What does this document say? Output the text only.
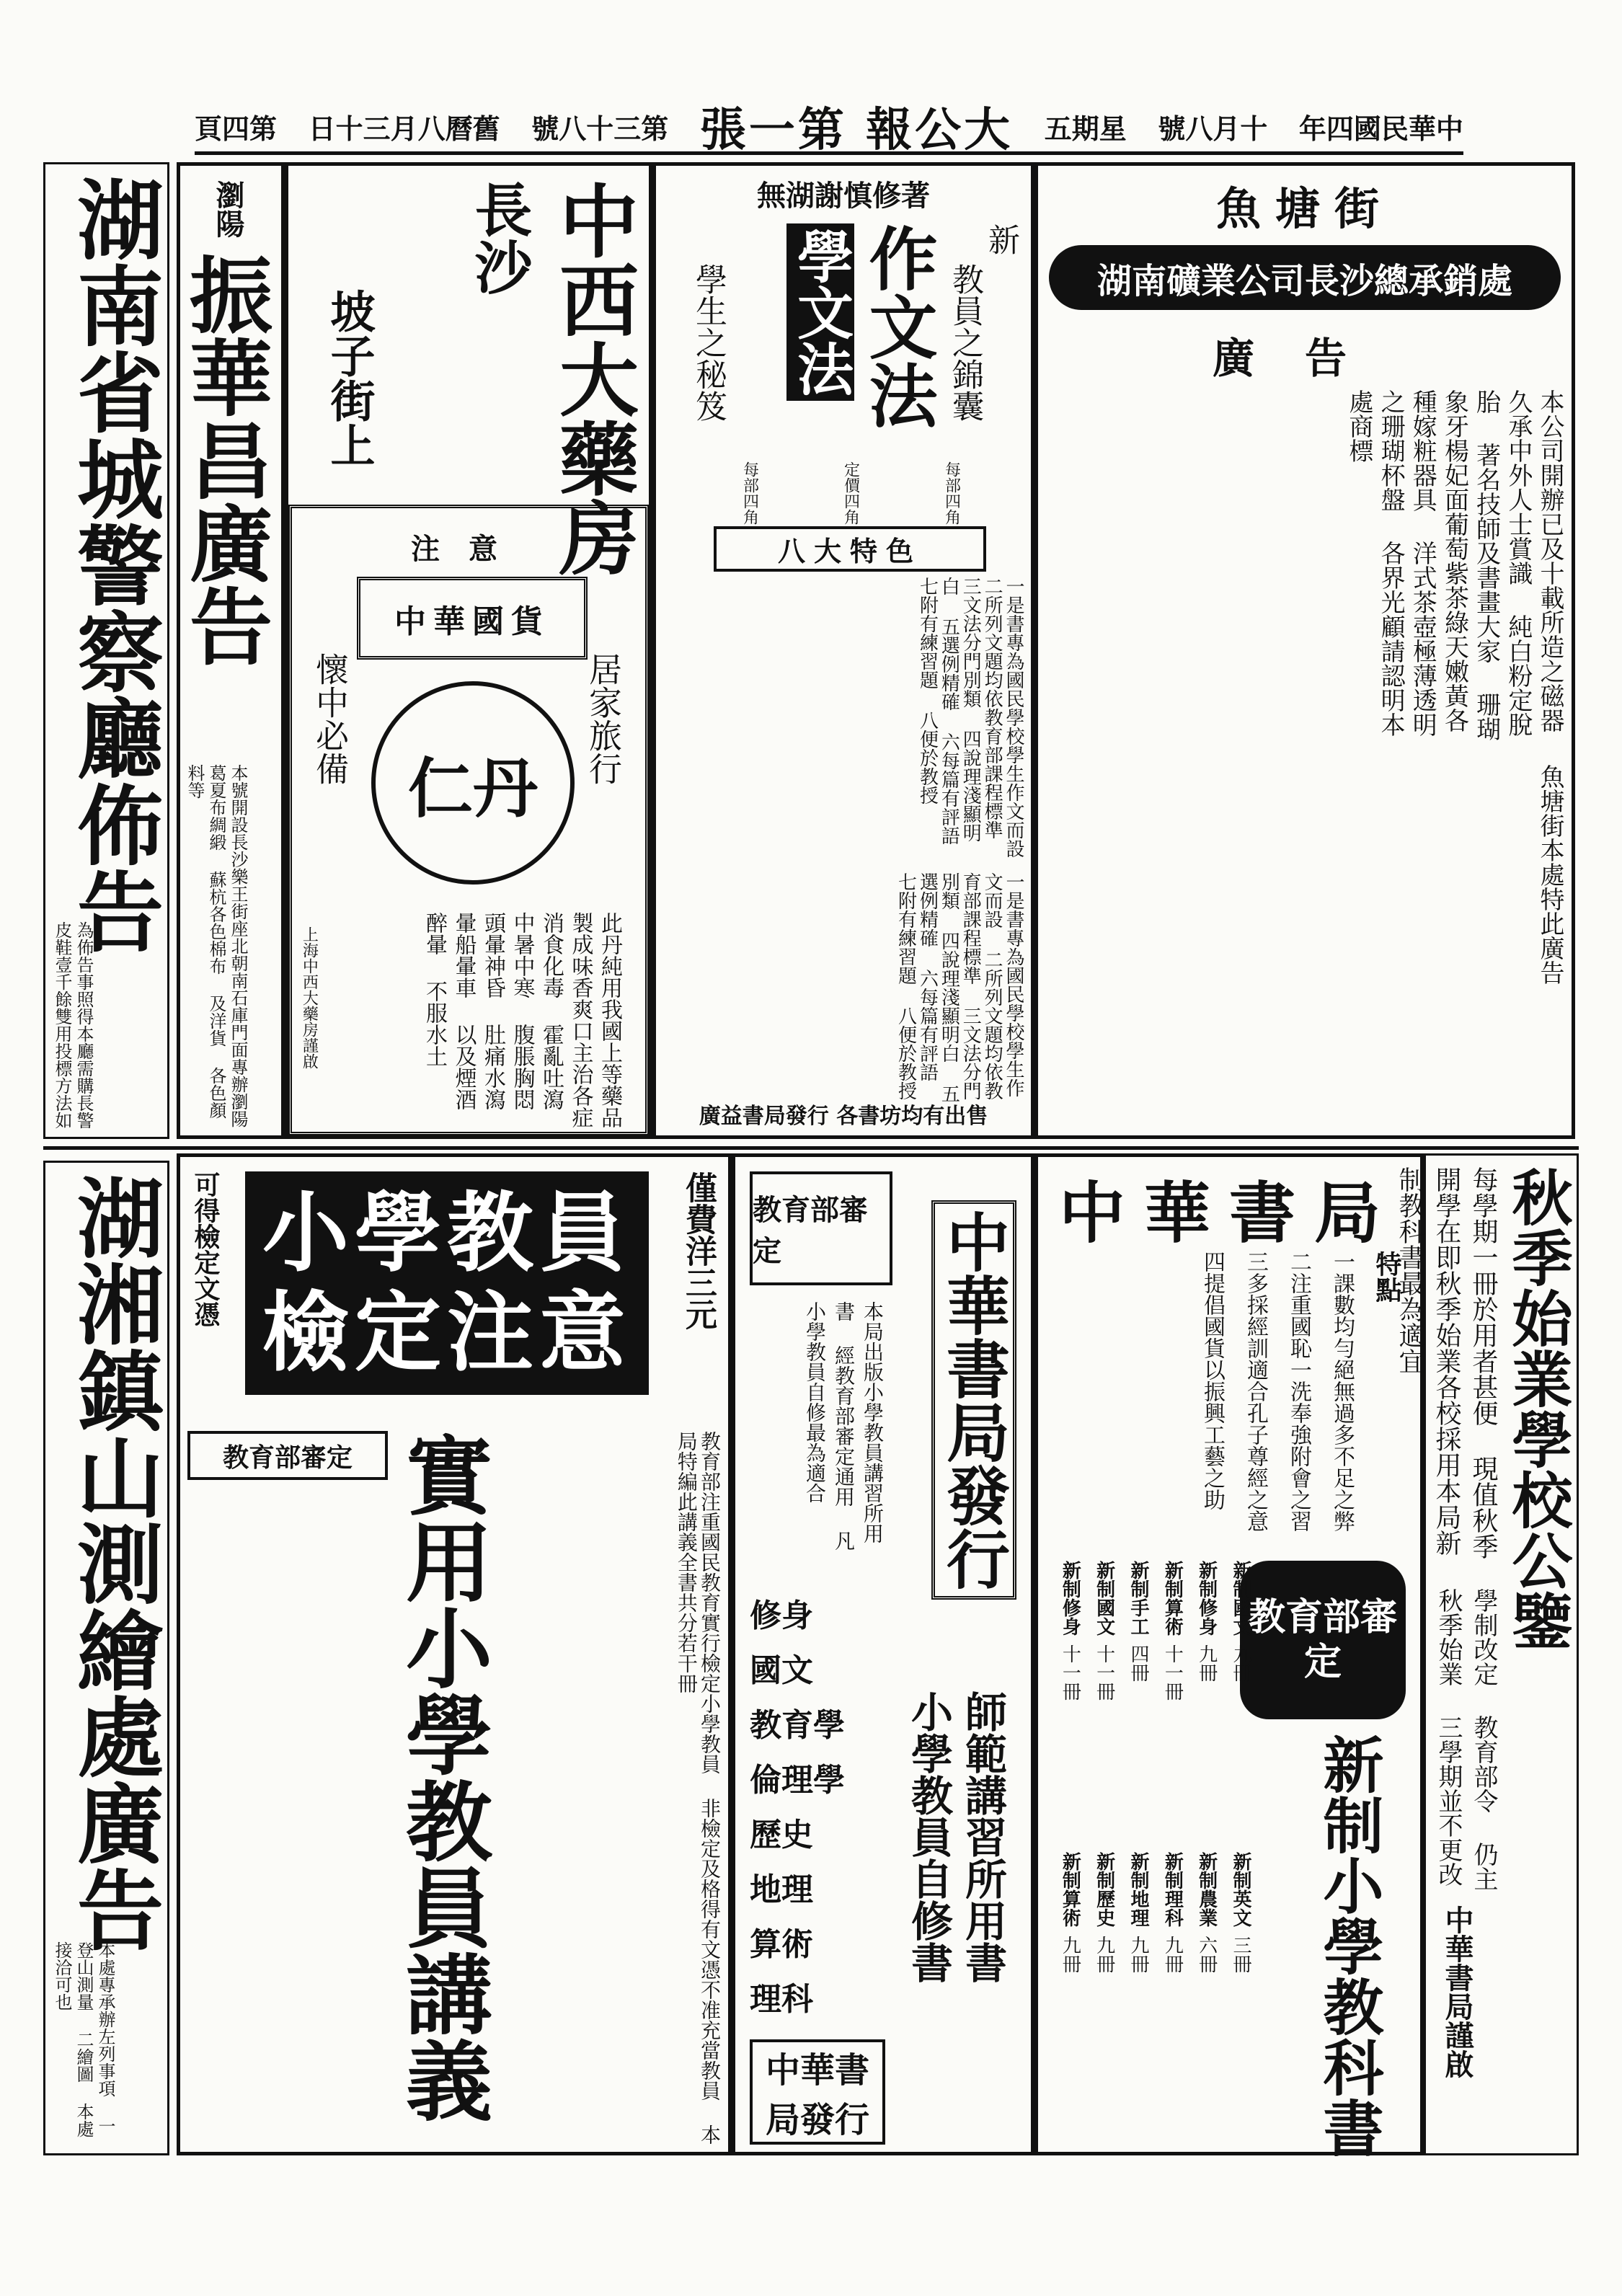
頁四第 日十三月八曆舊 號八十三第 張一第 報公大 五期星 號八月十 年四國民華中
湖南省城警察廳佈告
為佈告事照得本廳需購長警皮鞋壹千餘雙用投標方法如
湖湘鎮山測繪處廣告
本處專承辦左列事項 一登山測量 二繪圖 本處接洽可也
瀏陽
振華昌廣告
本號開設長沙樂王街座北朝南石庫門面專辦瀏陽葛夏布綢緞 蘇杭各色棉布 及洋貨 各色顏料等
中西大藥房
長沙
坡子街上
注意
中華國貨
仁丹
居家旅行
懷中必備
此丹純用我國上等藥品製成味香爽口主治各症消食化毒 霍亂吐瀉 中暑中寒 腹脹胸悶 頭暈神昏 肚痛水瀉 暈船暈車 以及煙酒醉暈 不服水土
上海中西大藥房謹啟
無湖謝慎修著
新
教員之錦囊
作文法
學文法
學生之秘笈
每部四角	定價四角	每部四角
八大特色
一是書專為國民學校學生作文而設 二所列文題均依教育部課程標準 三文法分門別類 四說理淺顯明白 五選例精確 六每篇有評語 七附有練習題 八便於教授
一是書專為國民學校學生作文而設 二所列文題均依教育部課程標準 三文法分門別類 四說理淺顯明白 五選例精確 六每篇有評語 七附有練習題 八便於教授
廣益書局發行 各書坊均有出售
魚塘街
湖南礦業公司長沙總承銷處
廣告
本公司開辦已及十載所造之磁器久承中外人士賞識 純白粉定脫胎 著名技師及書畫大家 珊瑚象牙楊妃面葡萄紫茶綠天嫩黃各種嫁粧器具 洋式茶壺極薄透明之珊瑚杯盤 各界光顧請認明本處商標
魚塘街本處特此廣告
小學教員檢定注意
可得檢定文憑	僅費洋三元
實用小學教員講義
教育部審定	教育部注重國民教育實行檢定小學教員 非檢定及格得有文憑不准充當教員 本局特編此講義全書共分若干冊
教育部審定	中華書局發行
本局出版小學教員講習所用書 經教育部審定通用 凡小學教員自修最為適合
師範講習所用書
小學教員自修書
修身
國文
教育學
倫理學
歷史
地理
算術
理科
中華書局發行
中華書局
特點
一課數均勻絕無過多不足之弊
二注重國恥一洗奉強附會之習
三多採經訓適合孔子尊經之意
四提倡國貨以振興工藝之助
教育部審定
新制小學教科書
新制修身十一冊
新制國文十一冊
新制手工四冊
新制算術十一冊
新制修身九冊
新制國文九冊
新制算術九冊
新制歷史九冊
新制地理九冊
新制理科九冊
新制農業六冊
新制英文三冊
秋季始業學校公鑒
每學期一冊於用者甚便 現值秋季開學在即秋季始業各校採用本局新制教科書最為適宜
學制改定 教育部令 仍主秋季始業 三學期並不更改
中華書局謹啟
